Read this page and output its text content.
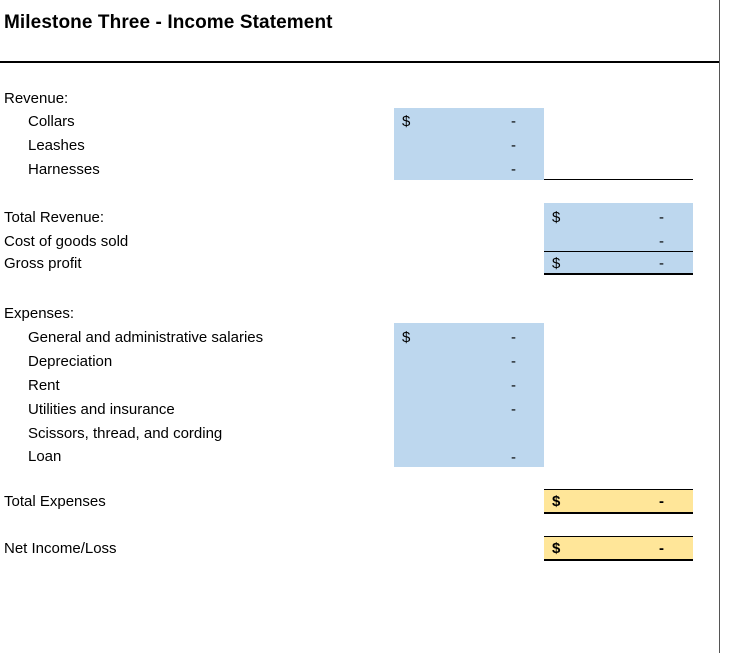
Milestone Three - Income Statement
Revenue:
Collars	$	-
Leashes	-
Harnesses	-
Total Revenue:	$	-
Cost of goods sold	-
Gross profit	$	-
Expenses:
General and administrative salaries	$	-
Depreciation	-
Rent	-
Utilities and insurance	-
Scissors, thread, and cording
Loan	-
Total Expenses	$	-
Net Income/Loss	$	-
